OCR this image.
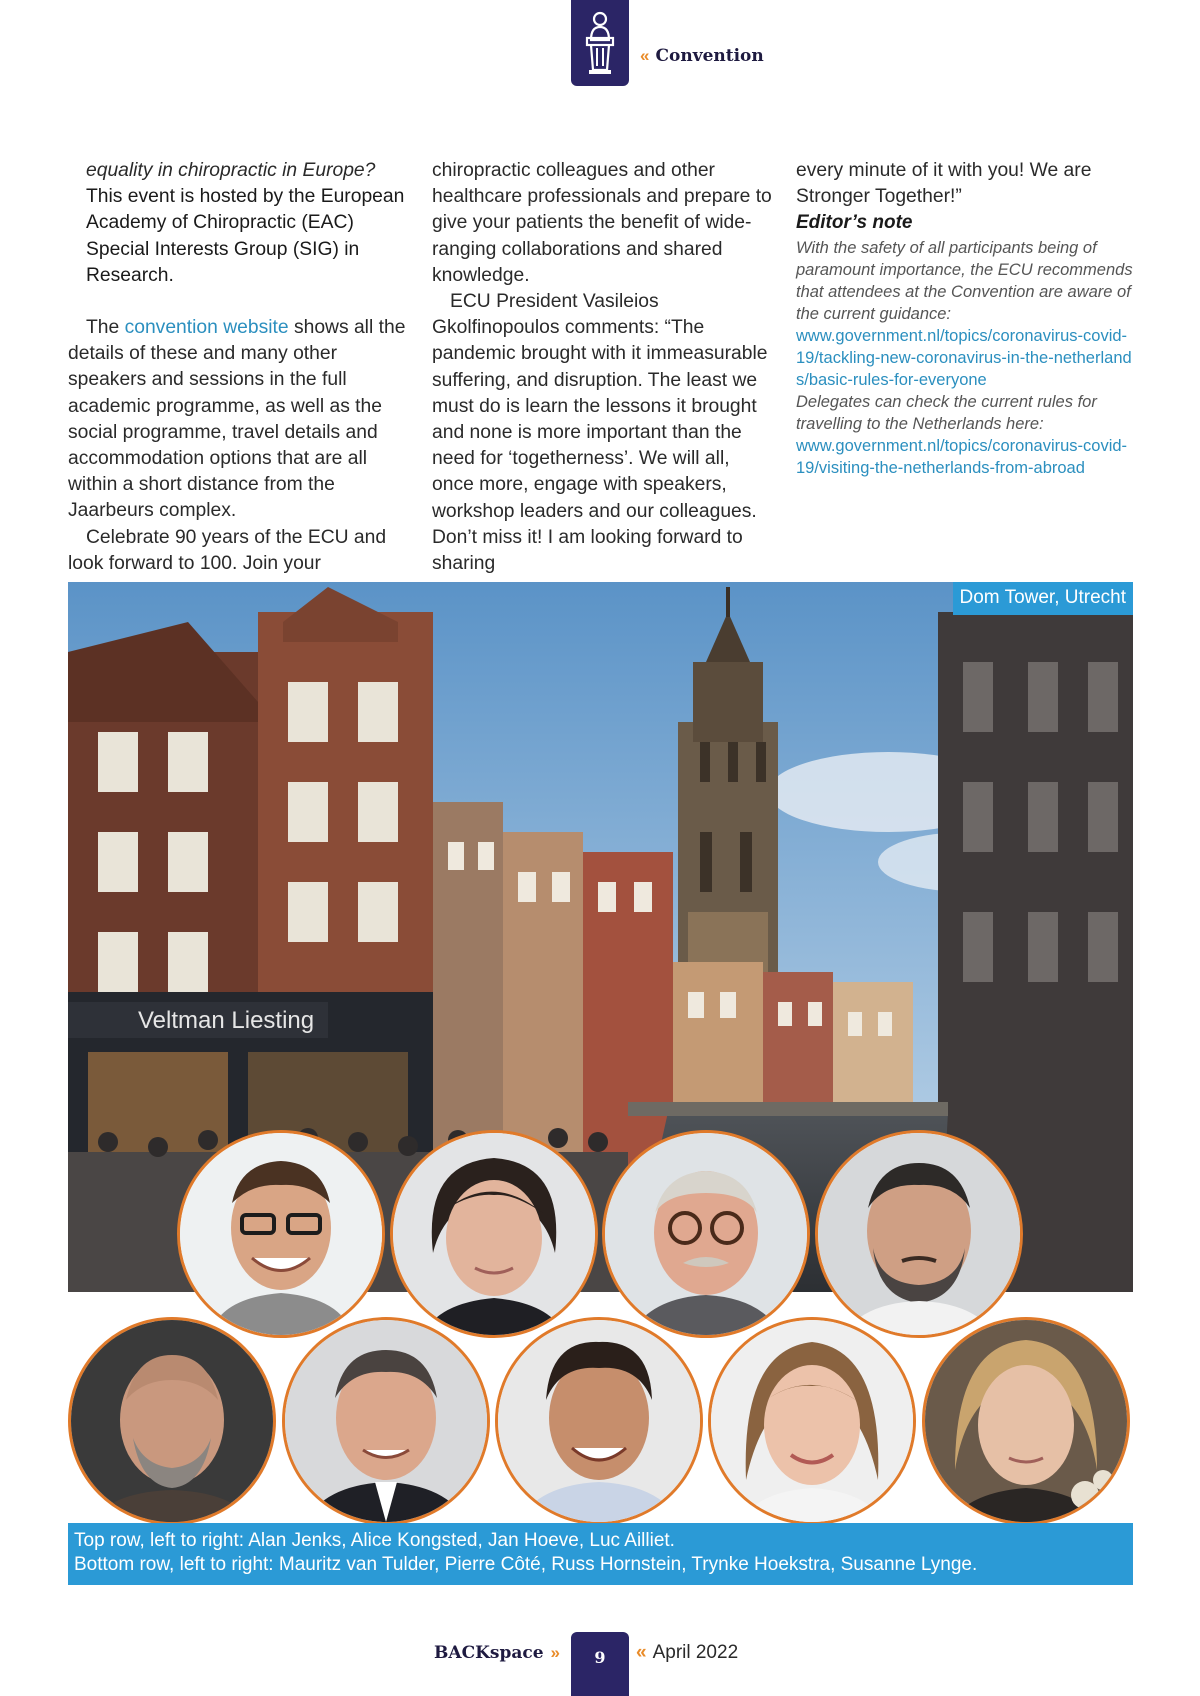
« Convention

equality in chiropractic in Europe?

This event is hosted by the European Academy of Chiropractic (EAC) Special Interests Group (SIG) in Research.

The convention website shows all the details of these and many other speakers and sessions in the full academic programme, as well as the social programme, travel details and accommodation options that are all within a short distance from the Jaarbeurs complex.

Celebrate 90 years of the ECU and look forward to 100. Join your

chiropractic colleagues and other healthcare professionals and prepare to give your patients the benefit of wide-ranging collaborations and shared knowledge.

ECU President Vasileios Gkolfinopoulos comments: “The pandemic brought with it immeasurable suffering, and disruption. The least we must do is learn the lessons it brought and none is more important than the need for ‘togetherness’. We will all, once more, engage with speakers, workshop leaders and our colleagues. Don’t miss it! I am looking forward to sharing

every minute of it with you! We are Stronger Together!”

Editor’s note

With the safety of all participants being of paramount importance, the ECU recommends that attendees at the Convention are aware of the current guidance:

www.government.nl/topics/coronavirus-covid-19/tackling-new-coronavirus-in-the-netherlands/basic-rules-for-everyone

Delegates can check the current rules for travelling to the Netherlands here:

www.government.nl/topics/coronavirus-covid-19/visiting-the-netherlands-from-abroad

Veltman Liesting
Dom Tower, Utrecht
Top row, left to right: Alan Jenks, Alice Kongsted, Jan Hoeve, Luc Ailliet.
Bottom row, left to right: Mauritz van Tulder, Pierre Côté, Russ Hornstein, Trynke Hoekstra, Susanne Lynge.
BACKspace »	9	« April 2022
